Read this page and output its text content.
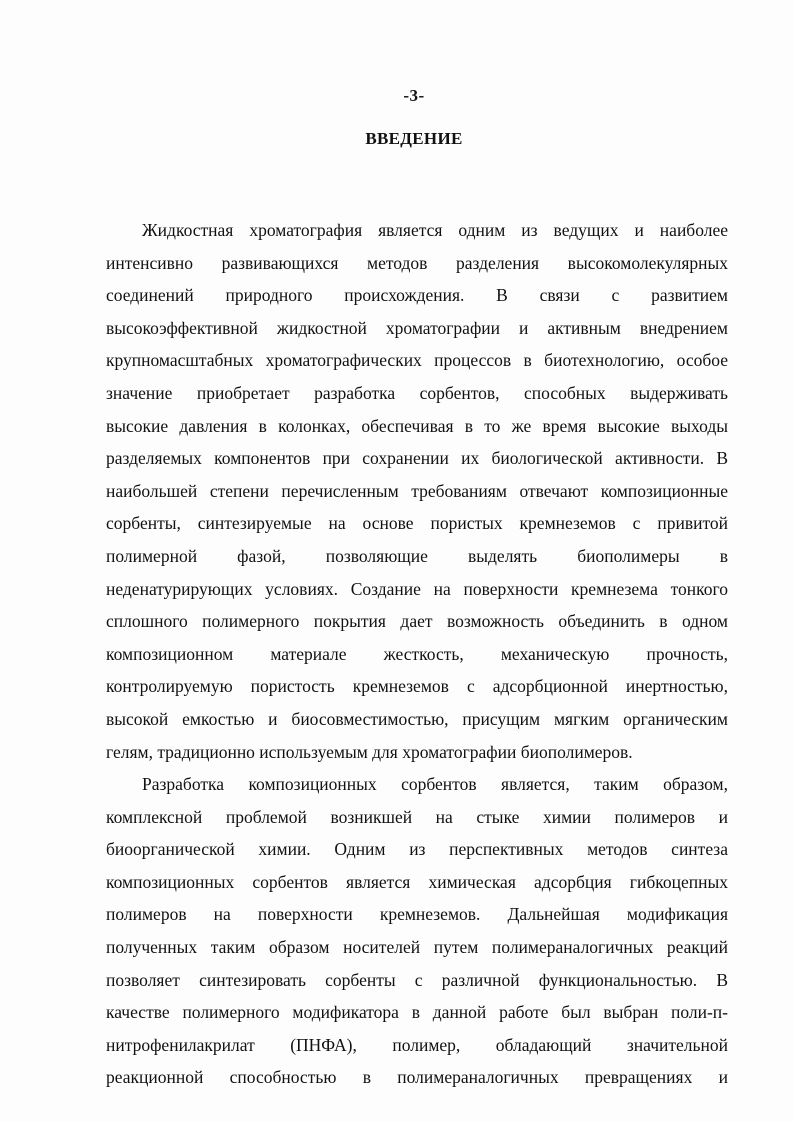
-3-
ВВЕДЕНИЕ
Жидкостная хроматография является одним из ведущих и наиболее
интенсивно развивающихся методов разделения высокомолекулярных
соединений природного происхождения. В связи с развитием
высокоэффективной жидкостной хроматографии и активным внедрением
крупномасштабных хроматографических процессов в биотехнологию, особое
значение приобретает разработка сорбентов, способных выдерживать
высокие давления в колонках, обеспечивая в то же время высокие выходы
разделяемых компонентов при сохранении их биологической активности. В
наибольшей степени перечисленным требованиям отвечают композиционные
сорбенты, синтезируемые на основе пористых кремнеземов с привитой
полимерной фазой, позволяющие выделять биополимеры в
неденатурирующих условиях. Создание на поверхности кремнезема тонкого
сплошного полимерного покрытия дает возможность объединить в одном
композиционном материале жесткость, механическую прочность,
контролируемую пористость кремнеземов с адсорбционной инертностью,
высокой емкостью и биосовместимостью, присущим мягким органическим
гелям, традиционно используемым для хроматографии биополимеров.
Разработка композиционных сорбентов является, таким образом,
комплексной проблемой возникшей на стыке химии полимеров и
биоорганической химии. Одним из перспективных методов синтеза
композиционных сорбентов является химическая адсорбция гибкоцепных
полимеров на поверхности кремнеземов. Дальнейшая модификация
полученных таким образом носителей путем полимераналогичных реакций
позволяет синтезировать сорбенты с различной функциональностью. В
качестве полимерного модификатора в данной работе был выбран поли-п-
нитрофенилакрилат (ПНФА), полимер, обладающий значительной
реакционной способностью в полимераналогичных превращениях и
